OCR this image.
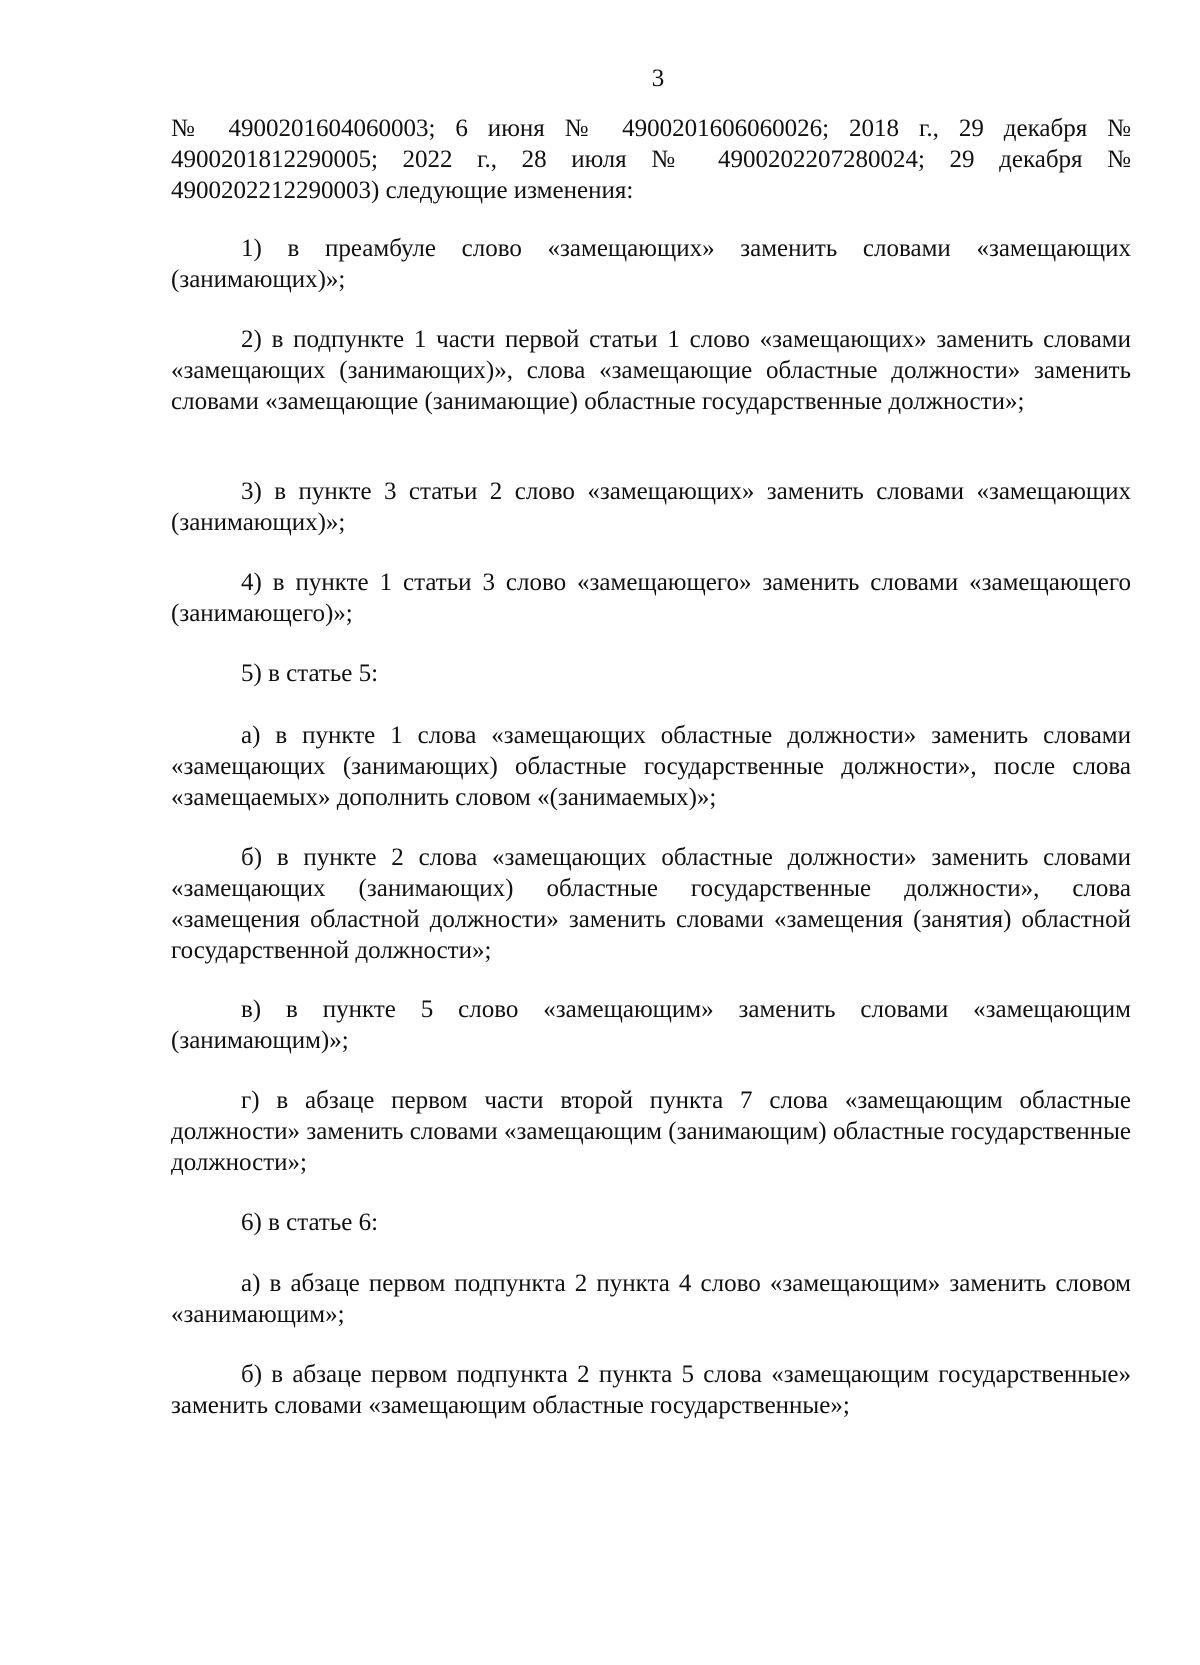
3

№ 4900201604060003; 6 июня № 4900201606060026; 2018 г., 29 декабря № 4900201812290005; 2022 г., 28 июля № 4900202207280024; 29 декабря № 4900202212290003) следующие изменения:

1) в преамбуле слово «замещающих» заменить словами «замещающих (занимающих)»;

2) в подпункте 1 части первой статьи 1 слово «замещающих» заменить словами «замещающих (занимающих)», слова «замещающие областные должности» заменить словами «замещающие (занимающие) областные государственные должности»;

3) в пункте 3 статьи 2 слово «замещающих» заменить словами «замещающих (занимающих)»;

4) в пункте 1 статьи 3 слово «замещающего» заменить словами «замещающего (занимающего)»;

5) в статье 5:

а) в пункте 1 слова «замещающих областные должности» заменить словами «замещающих (занимающих) областные государственные должности», после слова «замещаемых» дополнить словом «(занимаемых)»;

б) в пункте 2 слова «замещающих областные должности» заменить словами «замещающих (занимающих) областные государственные должности», слова «замещения областной должности» заменить словами «замещения (занятия) областной государственной должности»;

в) в пункте 5 слово «замещающим» заменить словами «замещающим (занимающим)»;

г) в абзаце первом части второй пункта 7 слова «замещающим областные должности» заменить словами «замещающим (занимающим) областные государственные должности»;

6) в статье 6:

а) в абзаце первом подпункта 2 пункта 4 слово «замещающим» заменить словом «занимающим»;

б) в абзаце первом подпункта 2 пункта 5 слова «замещающим государственные» заменить словами «замещающим областные государственные»;
